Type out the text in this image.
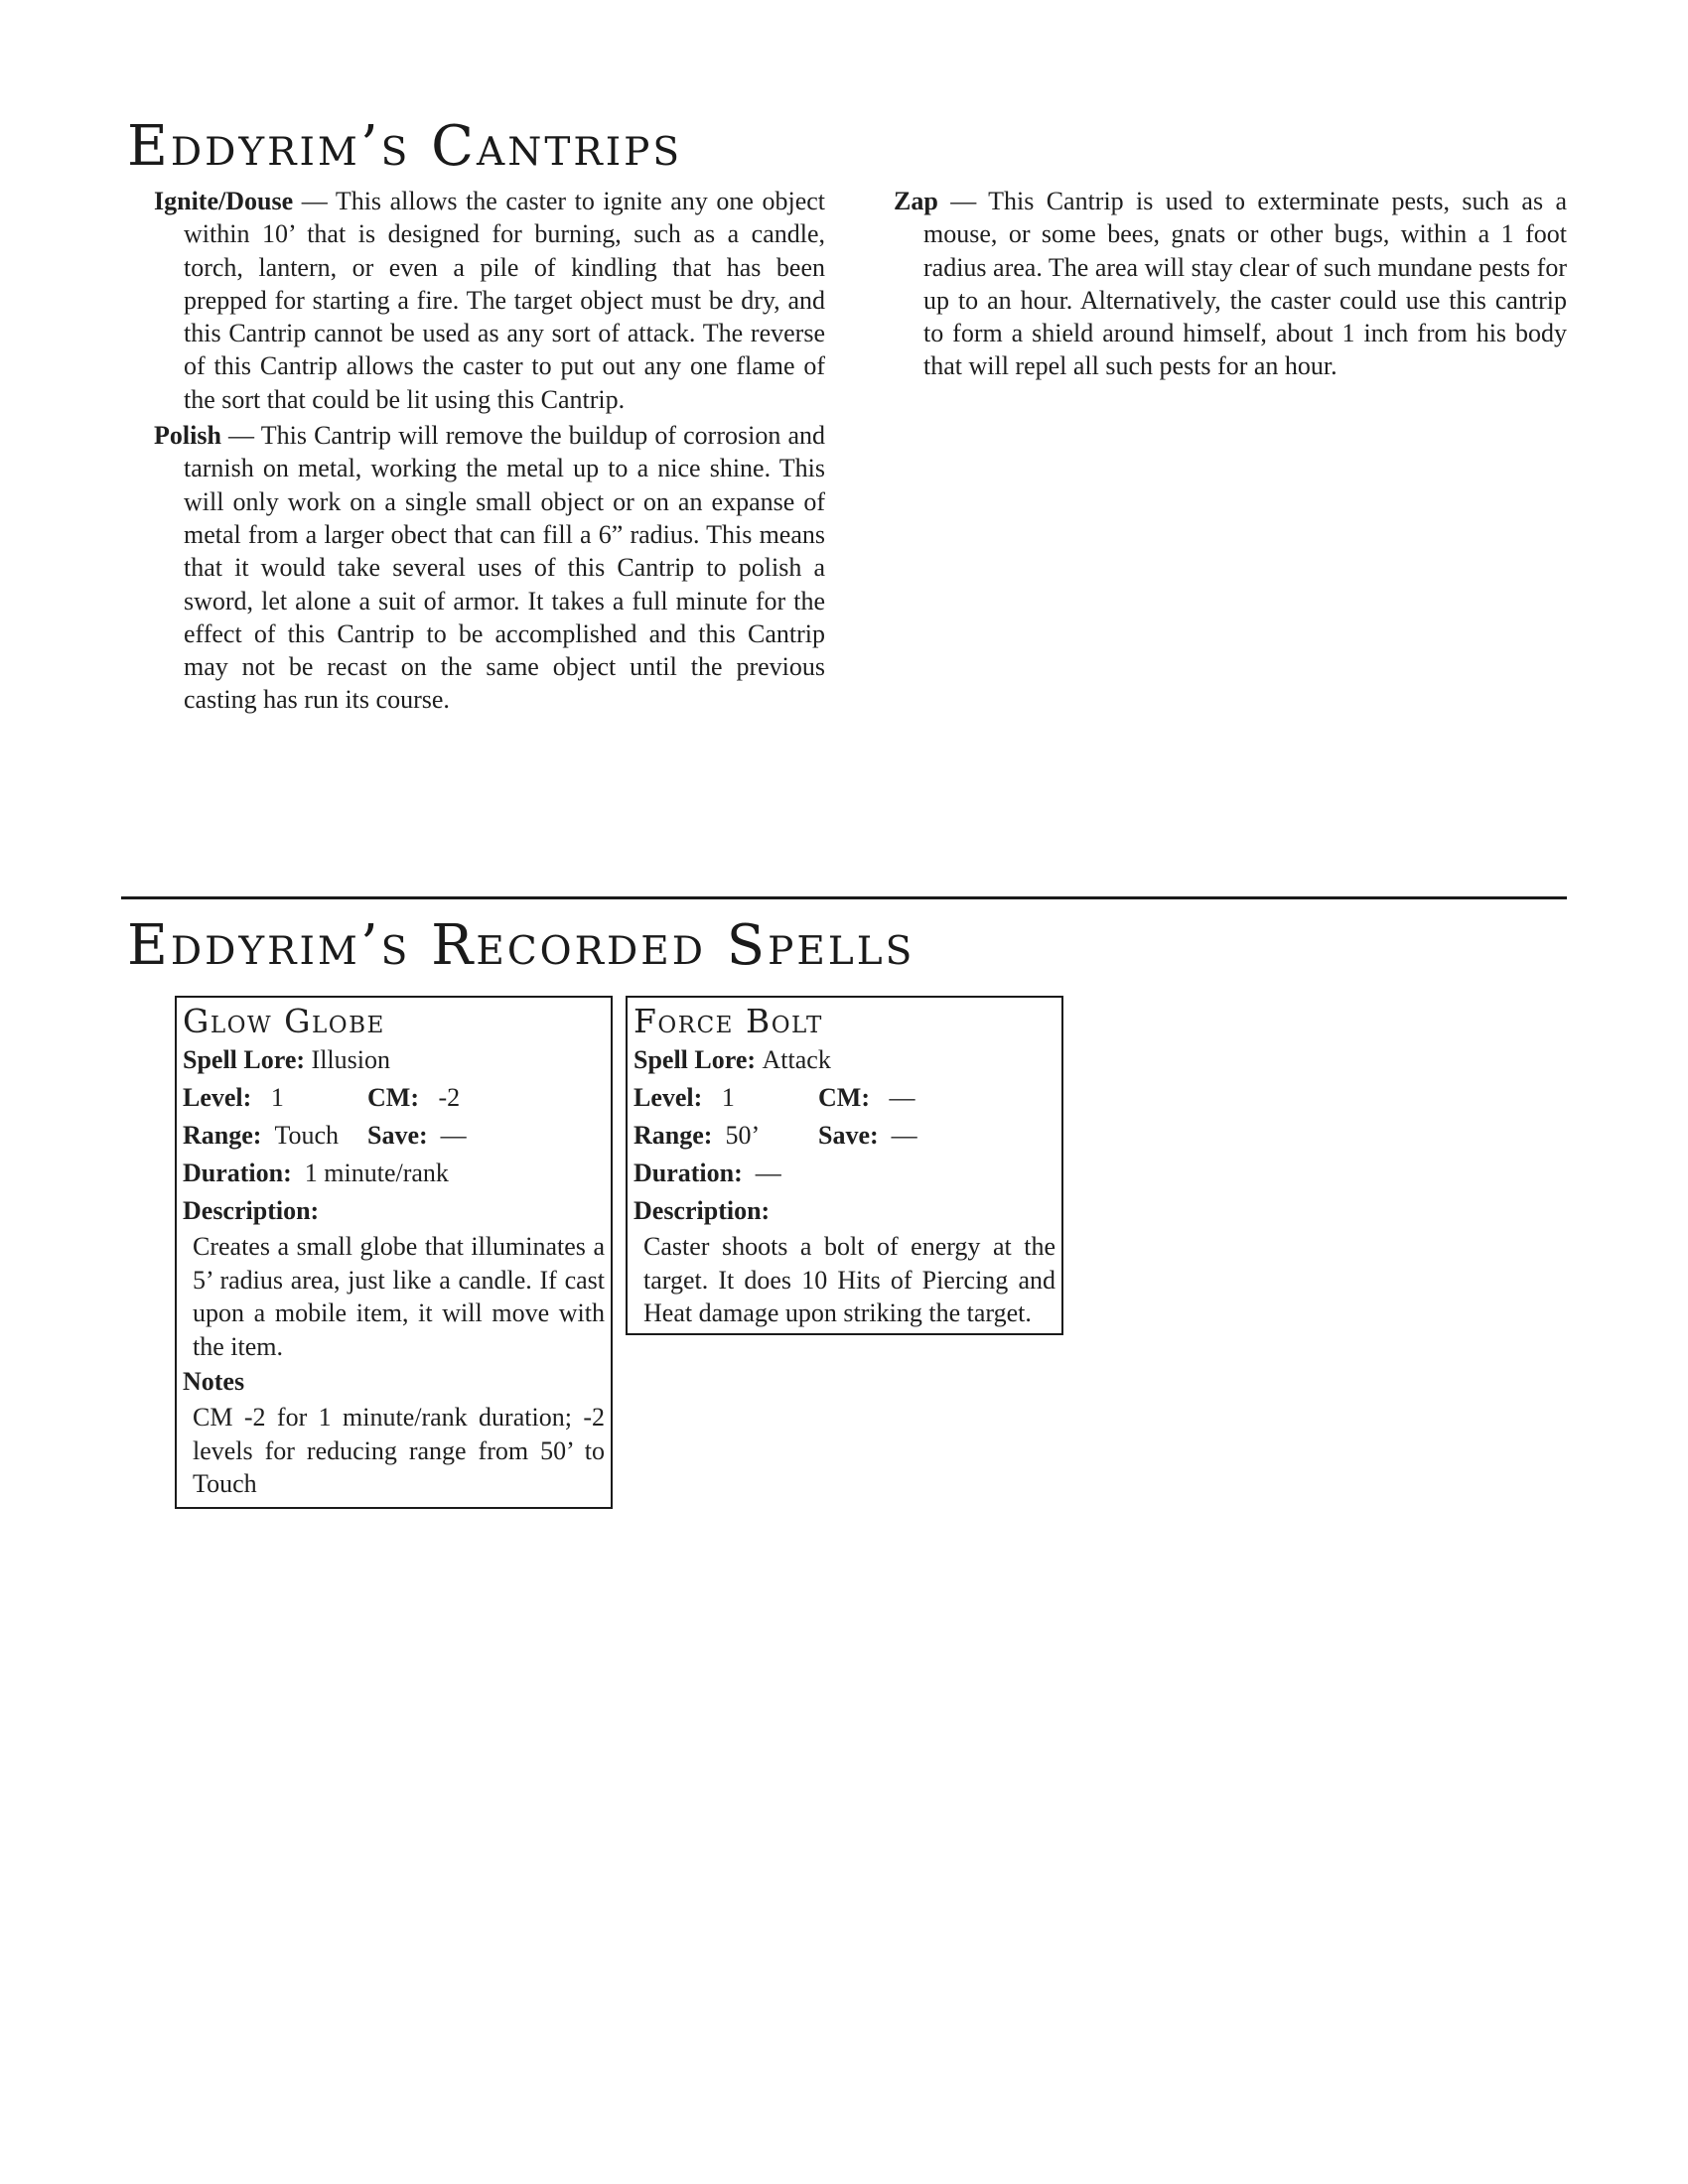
Eddyrim’s Cantrips

Ignite/Douse — This allows the caster to ignite any one object within 10’ that is designed for burning, such as a candle, torch, lantern, or even a pile of kindling that has been prepped for starting a fire. The target object must be dry, and this Cantrip cannot be used as any sort of attack. The reverse of this Cantrip allows the caster to put out any one flame of the sort that could be lit using this Cantrip.

Polish — This Cantrip will remove the buildup of corrosion and tarnish on metal, working the metal up to a nice shine. This will only work on a single small object or on an expanse of metal from a larger obect that can fill a 6” radius. This means that it would take several uses of this Cantrip to polish a sword, let alone a suit of armor. It takes a full minute for the effect of this Cantrip to be accomplished and this Cantrip may not be recast on the same object until the previous casting has run its course.

Zap — This Cantrip is used to exterminate pests, such as a mouse, or some bees, gnats or other bugs, within a 1 foot radius area. The area will stay clear of such mundane pests for up to an hour. Alternatively, the caster could use this cantrip to form a shield around himself, about 1 inch from his body that will repel all such pests for an hour.

Eddyrim’s Recorded Spells
Glow Globe
Spell Lore:
Illusion
Level: 1	CM: -2
Range: Touch	Save: —
Duration:
1 minute/rank
Description:
Creates a small globe that illuminates a 5’ radius area, just like a candle. If cast upon a mobile item, it will move with the item.
Notes
CM -2 for 1 minute/rank duration; -2 levels for reducing range from 50’ to Touch
Force Bolt
Spell Lore:
Attack
Level: 1	CM: —
Range: 50’	Save: —
Duration:
—
Description:
Caster shoots a bolt of energy at the target. It does 10 Hits of Piercing and Heat damage upon striking the target.
